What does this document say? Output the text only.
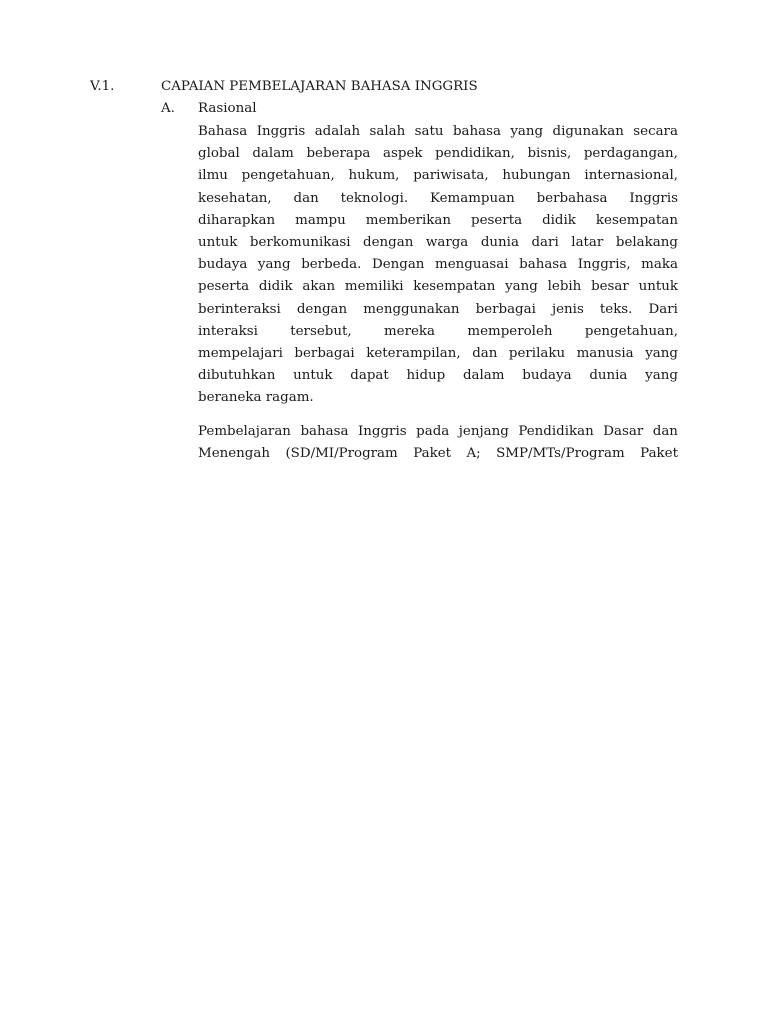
V.1.	CAPAIAN PEMBELAJARAN BAHASA INGGRIS
A. Rasional
Bahasa Inggris adalah salah satu bahasa yang digunakan secara
global dalam beberapa aspek pendidikan, bisnis, perdagangan,
ilmu pengetahuan, hukum, pariwisata, hubungan internasional,
kesehatan, dan teknologi. Kemampuan berbahasa Inggris
diharapkan mampu memberikan peserta didik kesempatan
untuk berkomunikasi dengan warga dunia dari latar belakang
budaya yang berbeda. Dengan menguasai bahasa Inggris, maka
peserta didik akan memiliki kesempatan yang lebih besar untuk
berinteraksi dengan menggunakan berbagai jenis teks. Dari
interaksi tersebut, mereka memperoleh pengetahuan,
mempelajari berbagai keterampilan, dan perilaku manusia yang
dibutuhkan untuk dapat hidup dalam budaya dunia yang
beraneka ragam.
Pembelajaran bahasa Inggris pada jenjang Pendidikan Dasar dan
Menengah (SD/MI/Program Paket A; SMP/MTs/Program Paket
